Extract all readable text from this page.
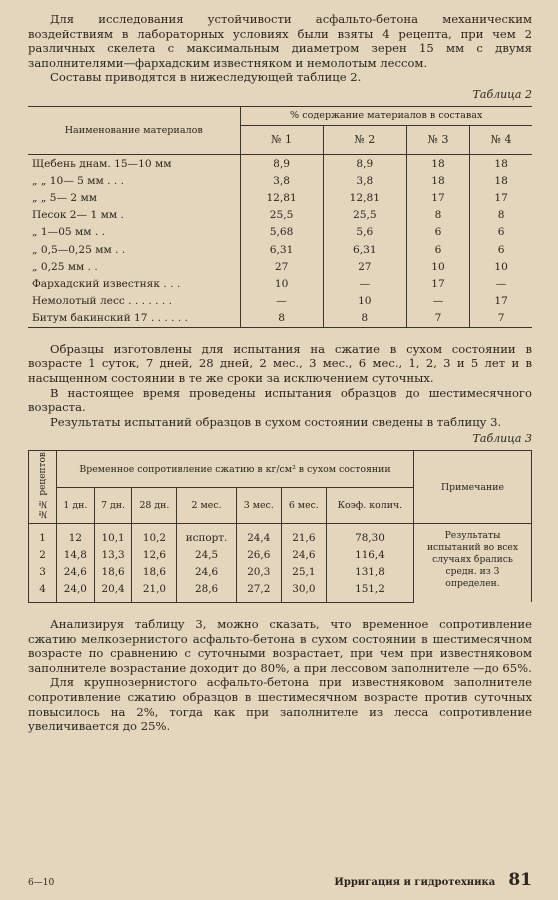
Для исследования устойчивости асфальто-бетона механическим воздействиям в лабораторных условиях были взяты 4 рецепта, при чем 2 различных скелета с максимальным диаметром зерен 15 мм с двумя заполнителями—фархадским известняком и немолотым лессом.

Составы приводятся в нижеследующей таблице 2.

Таблица 2
Наименование материалов	% содержание материалов в составах			
	№ 1	№ 2	№ 3	№ 4
Щебень днам. 15—10 мм	8,9	8,9	18	18
„ „ 10— 5 мм . . .	3,8	3,8	18	18
„ „ 5— 2 мм	12,81	12,81	17	17
Песок 2— 1 мм .	25,5	25,5	8	8
„ 1—05 мм . .	5,68	5,6	6	6
„ 0,5—0,25 мм . .	6,31	6,31	6	6
„ 0,25 мм . .	27	27	10	10
Фархадский известняк . . .	10	—	17	—
Немолотый лесс . . . . . . .	—	10	—	17
Битум бакинский 17 . . . . . .	8	8	7	7

Образцы изготовлены для испытания на сжатие в сухом состоянии в возрасте 1 суток, 7 дней, 28 дней, 2 мес., 3 мес., 6 мес., 1, 2, 3 и 5 лет и в насыщенном состоянии в те же сроки за исключением суточных.

В настоящее время проведены испытания образцов до шестимесячного возраста.

Результаты испытаний образцов в сухом состоянии сведены в таблицу 3.

Таблица 3
№№ рецептов	Временное сопротивление сжатию в кг/см² в сухом состоянии							Примечание
	1 дн.	7 дн.	28 дн.	2 мес.	3 мес.	6 мес.	Коэф. колич.	
1	12	10,1	10,2	испорт.	24,4	21,6	78,30	Результаты испытаний во всех случаях брались средн. из 3 определен.
2	14,8	13,3	12,6	24,5	26,6	24,6	116,4	
3	24,6	18,6	18,6	24,6	20,3	25,1	131,8	
4	24,0	20,4	21,0	28,6	27,2	30,0	151,2	

Анализируя таблицу 3, можно сказать, что временное сопротивление сжатию мелкозернистого асфальто-бетона в сухом состоянии в шестимесячном возрасте по сравнению с суточными возрастает, при чем при известняковом заполнителе возрастание доходит до 80%, а при лессовом заполнителе —до 65%.

Для крупнозернистого асфальто-бетона при известняковом заполнителе сопротивление сжатию образцов в шестимесячном возрасте против суточных повысилось на 2%, тогда как при заполнителе из лесса сопротивление увеличивается до 25%.

6—10	Ирригация и гидротехника 81
